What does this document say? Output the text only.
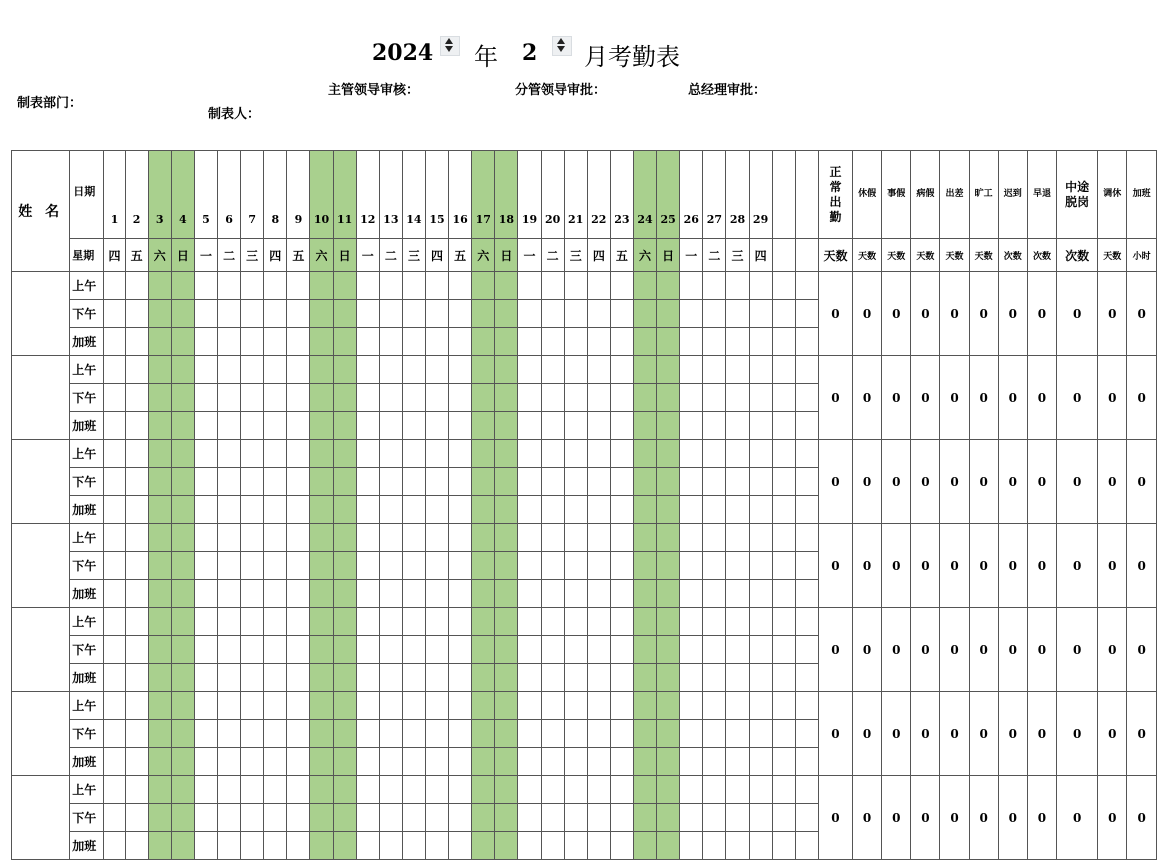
2024 年 2 月考勤表
制表部门：
主管领导审核：	分管领导审批：	总经理审批：
制表人：
姓 名	日期	1	2	3	4	5	6	7	8	9	10	11	12	13	14	15	16	17	18	19	20	21	22	23	24	25	26	27	28	29			正常出勤	休假	事假	病假	出差	旷工	迟到	早退	中途脱岗	调休	加班
	星期	四	五	六	日	一	二	三	四	五	六	日	一	二	三	四	五	六	日	一	二	三	四	五	六	日	一	二	三	四			天数	天数	天数	天数	天数	天数	次数	次数	次数	天数	小时
	上午																																0	0	0	0	0	0	0	0	0	0	0
	下午																																										
	加班																																										
	上午																																0	0	0	0	0	0	0	0	0	0	0
	下午																																										
	加班																																										
	上午																																0	0	0	0	0	0	0	0	0	0	0
	下午																																										
	加班																																										
	上午																																0	0	0	0	0	0	0	0	0	0	0
	下午																																										
	加班																																										
	上午																																0	0	0	0	0	0	0	0	0	0	0
	下午																																										
	加班																																										
	上午																																0	0	0	0	0	0	0	0	0	0	0
	下午																																										
	加班																																										
	上午																																0	0	0	0	0	0	0	0	0	0	0
	下午																																										
	加班																																										
